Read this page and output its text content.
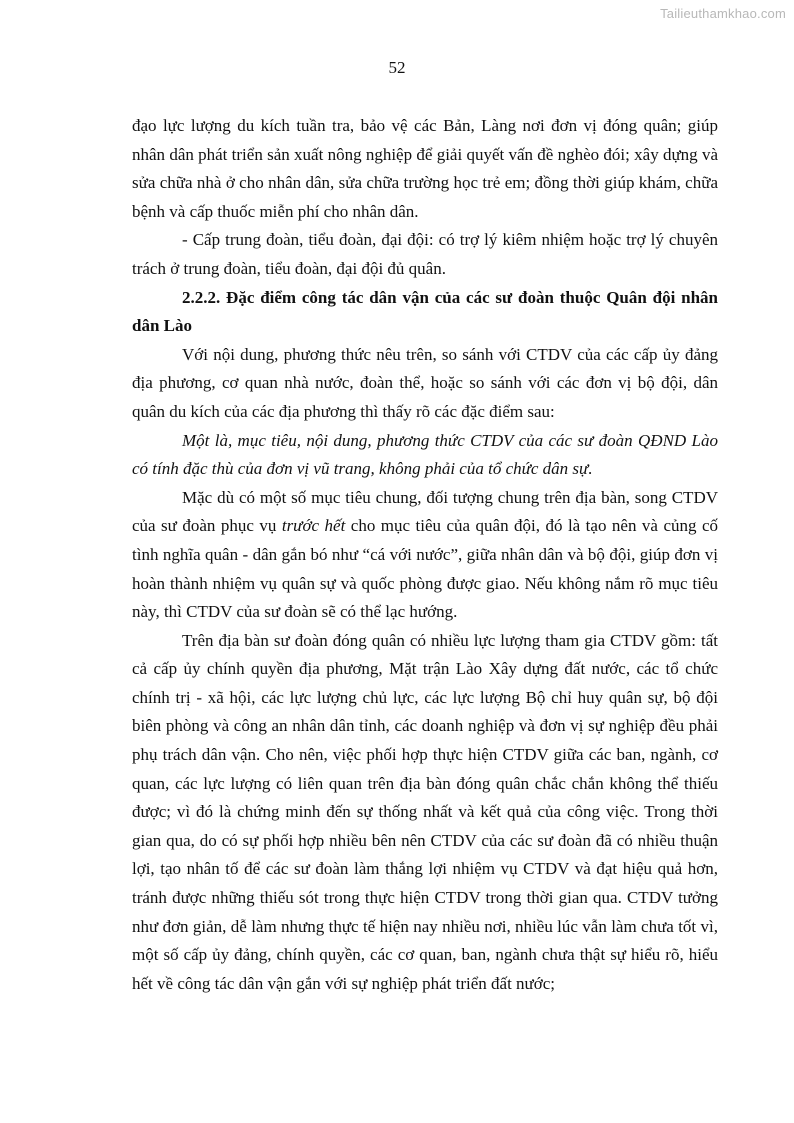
Tailieuthamkhao.com
52

đạo lực lượng du kích tuần tra, bảo vệ các Bản, Làng nơi đơn vị đóng quân; giúp nhân dân phát triển sản xuất nông nghiệp để giải quyết vấn đề nghèo đói; xây dựng và sửa chữa nhà ở cho nhân dân, sửa chữa trường học trẻ em; đồng thời giúp khám, chữa bệnh và cấp thuốc miễn phí cho nhân dân.

- Cấp trung đoàn, tiểu đoàn, đại đội: có trợ lý kiêm nhiệm hoặc trợ lý chuyên trách ở trung đoàn, tiểu đoàn, đại đội đủ quân.

2.2.2. Đặc điểm công tác dân vận của các sư đoàn thuộc Quân đội nhân dân Lào

Với nội dung, phương thức nêu trên, so sánh với CTDV của các cấp ủy đảng địa phương, cơ quan nhà nước, đoàn thể, hoặc so sánh với các đơn vị bộ đội, dân quân du kích của các địa phương thì thấy rõ các đặc điểm sau:

Một là, mục tiêu, nội dung, phương thức CTDV của các sư đoàn QĐND Lào có tính đặc thù của đơn vị vũ trang, không phải của tổ chức dân sự.

Mặc dù có một số mục tiêu chung, đối tượng chung trên địa bàn, song CTDV của sư đoàn phục vụ trước hết cho mục tiêu của quân đội, đó là tạo nên và củng cố tình nghĩa quân - dân gắn bó như “cá với nước”, giữa nhân dân và bộ đội, giúp đơn vị hoàn thành nhiệm vụ quân sự và quốc phòng được giao. Nếu không nắm rõ mục tiêu này, thì CTDV của sư đoàn sẽ có thể lạc hướng.

Trên địa bàn sư đoàn đóng quân có nhiều lực lượng tham gia CTDV gồm: tất cả cấp ủy chính quyền địa phương, Mặt trận Lào Xây dựng đất nước, các tổ chức chính trị - xã hội, các lực lượng chủ lực, các lực lượng Bộ chỉ huy quân sự, bộ đội biên phòng và công an nhân dân tỉnh, các doanh nghiệp và đơn vị sự nghiệp đều phải phụ trách dân vận. Cho nên, việc phối hợp thực hiện CTDV giữa các ban, ngành, cơ quan, các lực lượng có liên quan trên địa bàn đóng quân chắc chắn không thể thiếu được; vì đó là chứng minh đến sự thống nhất và kết quả của công việc. Trong thời gian qua, do có sự phối hợp nhiều bên nên CTDV của các sư đoàn đã có nhiều thuận lợi, tạo nhân tố để các sư đoàn làm thắng lợi nhiệm vụ CTDV và đạt hiệu quả hơn, tránh được những thiếu sót trong thực hiện CTDV trong thời gian qua. CTDV tưởng như đơn giản, dễ làm nhưng thực tế hiện nay nhiều nơi, nhiều lúc vẫn làm chưa tốt vì, một số cấp ủy đảng, chính quyền, các cơ quan, ban, ngành chưa thật sự hiểu rõ, hiểu hết về công tác dân vận gắn với sự nghiệp phát triển đất nước;
